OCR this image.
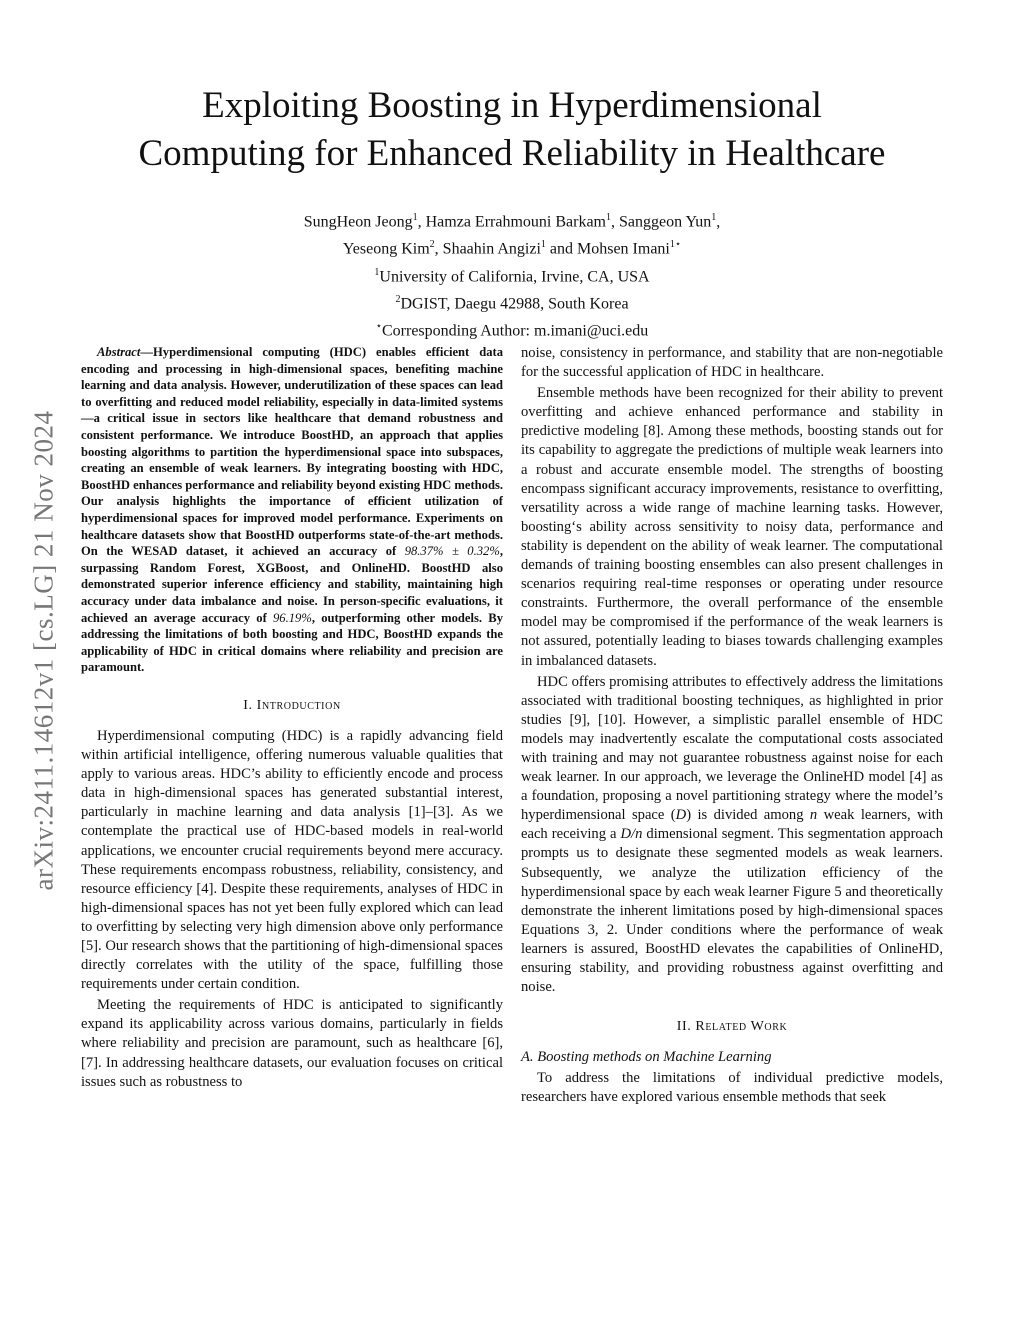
arXiv:2411.14612v1 [cs.LG] 21 Nov 2024
Exploiting Boosting in Hyperdimensional
Computing for Enhanced Reliability in Healthcare
SungHeon Jeong$^1$, Hamza Errahmouni Barkam$^1$, Sanggeon Yun$^1$,
Yeseong Kim$^2$, Shaahin Angizi$^1$ and Mohsen Imani$^{1⋆}$
$^1$University of California, Irvine, CA, USA
$^2$DGIST, Daegu 42988, South Korea
⋆Corresponding Author: m.imani@uci.edu
Abstract—Hyperdimensional computing (HDC) enables efficient data encoding and processing in high-dimensional spaces, benefiting machine learning and data analysis. However, underutilization of these spaces can lead to overfitting and reduced model reliability, especially in data-limited systems—a critical issue in sectors like healthcare that demand robustness and consistent performance. We introduce BoostHD, an approach that applies boosting algorithms to partition the hyperdimensional space into subspaces, creating an ensemble of weak learners. By integrating boosting with HDC, BoostHD enhances performance and reliability beyond existing HDC methods. Our analysis highlights the importance of efficient utilization of hyperdimensional spaces for improved model performance. Experiments on healthcare datasets show that BoostHD outperforms state-of-the-art methods. On the WESAD dataset, it achieved an accuracy of 98.37% ± 0.32%, surpassing Random Forest, XGBoost, and OnlineHD. BoostHD also demonstrated superior inference efficiency and stability, maintaining high accuracy under data imbalance and noise. In person-specific evaluations, it achieved an average accuracy of 96.19%, outperforming other models. By addressing the limitations of both boosting and HDC, BoostHD expands the applicability of HDC in critical domains where reliability and precision are paramount.
I. Introduction

Hyperdimensional computing (HDC) is a rapidly advancing field within artificial intelligence, offering numerous valuable qualities that apply to various areas. HDC’s ability to efficiently encode and process data in high-dimensional spaces has generated substantial interest, particularly in machine learning and data analysis [1]–[3]. As we contemplate the practical use of HDC-based models in real-world applications, we encounter crucial requirements beyond mere accuracy. These requirements encompass robustness, reliability, consistency, and resource efficiency [4]. Despite these requirements, analyses of HDC in high-dimensional spaces has not yet been fully explored which can lead to overfitting by selecting very high dimension above only performance [5]. Our research shows that the partitioning of high-dimensional spaces directly correlates with the utility of the space, fulfilling those requirements under certain condition.

Meeting the requirements of HDC is anticipated to significantly expand its applicability across various domains, particularly in fields where reliability and precision are paramount, such as healthcare [6], [7]. In addressing healthcare datasets, our evaluation focuses on critical issues such as robustness to

noise, consistency in performance, and stability that are non-negotiable for the successful application of HDC in healthcare.

Ensemble methods have been recognized for their ability to prevent overfitting and achieve enhanced performance and stability in predictive modeling [8]. Among these methods, boosting stands out for its capability to aggregate the predictions of multiple weak learners into a robust and accurate ensemble model. The strengths of boosting encompass significant accuracy improvements, resistance to overfitting, versatility across a wide range of machine learning tasks. However, boosting‘s ability across sensitivity to noisy data, performance and stability is dependent on the ability of weak learner. The computational demands of training boosting ensembles can also present challenges in scenarios requiring real-time responses or operating under resource constraints. Furthermore, the overall performance of the ensemble model may be compromised if the performance of the weak learners is not assured, potentially leading to biases towards challenging examples in imbalanced datasets.

HDC offers promising attributes to effectively address the limitations associated with traditional boosting techniques, as highlighted in prior studies [9], [10]. However, a simplistic parallel ensemble of HDC models may inadvertently escalate the computational costs associated with training and may not guarantee robustness against noise for each weak learner. In our approach, we leverage the OnlineHD model [4] as a foundation, proposing a novel partitioning strategy where the model’s hyperdimensional space (D) is divided among n weak learners, with each receiving a D/n dimensional segment. This segmentation approach prompts us to designate these segmented models as weak learners. Subsequently, we analyze the utilization efficiency of the hyperdimensional space by each weak learner Figure 5 and theoretically demonstrate the inherent limitations posed by high-dimensional spaces Equations 3, 2. Under conditions where the performance of weak learners is assured, BoostHD elevates the capabilities of OnlineHD, ensuring stability, and providing robustness against overfitting and noise.

II. Related Work
A. Boosting methods on Machine Learning

To address the limitations of individual predictive models, researchers have explored various ensemble methods that seek
